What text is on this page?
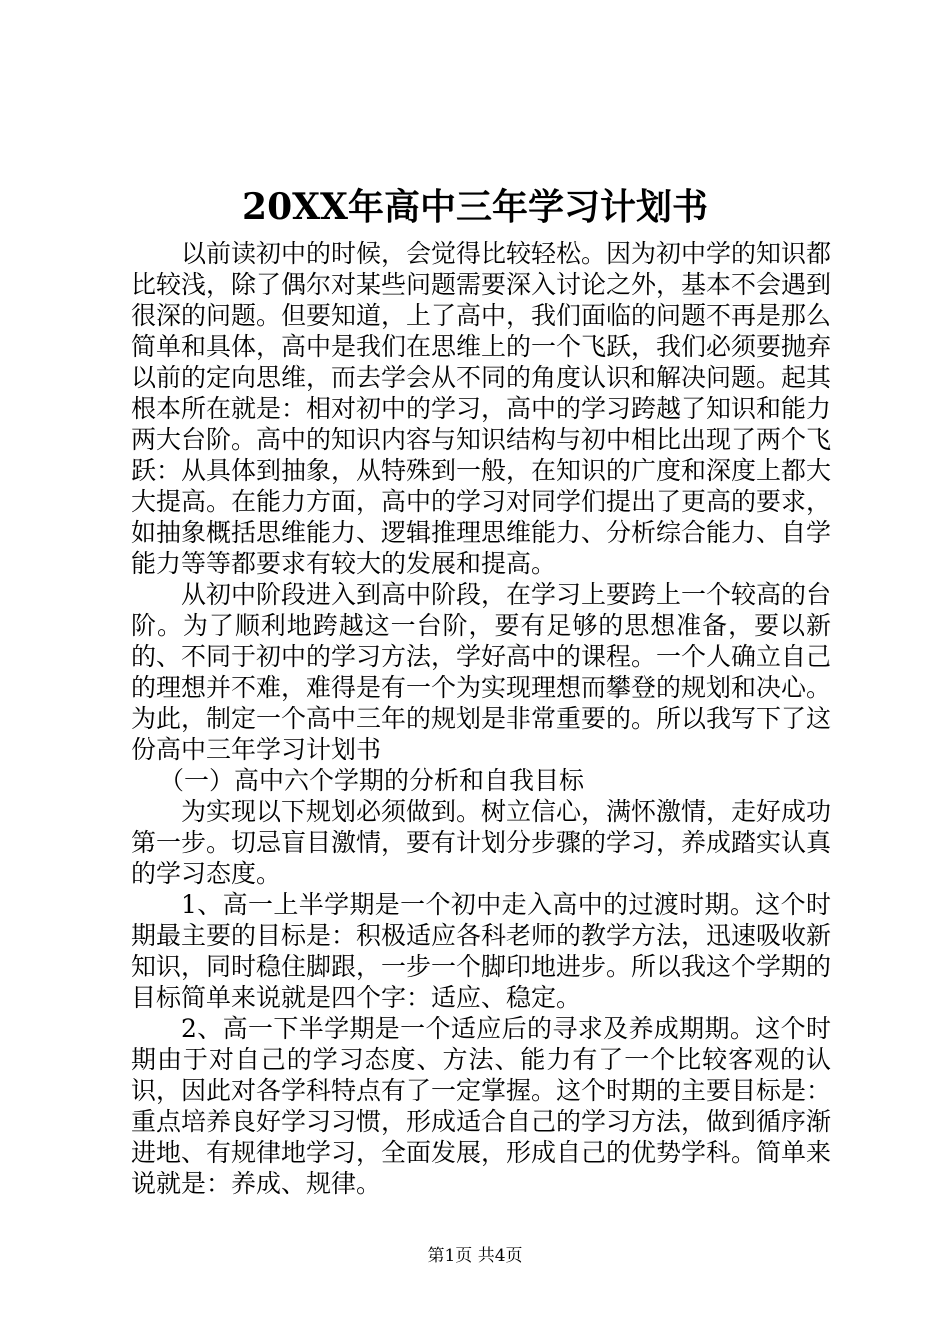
20XX年高中三年学习计划书

以前读初中的时候，会觉得比较轻松。因为初中学的知识都比较浅，除了偶尔对某些问题需要深入讨论之外，基本不会遇到很深的问题。但要知道，上了高中，我们面临的问题不再是那么简单和具体，高中是我们在思维上的一个飞跃，我们必须要抛弃以前的定向思维，而去学会从不同的角度认识和解决问题。起其根本所在就是：相对初中的学习，高中的学习跨越了知识和能力两大台阶。高中的知识内容与知识结构与初中相比出现了两个飞跃：从具体到抽象，从特殊到一般，在知识的广度和深度上都大大提高。在能力方面，高中的学习对同学们提出了更高的要求，如抽象概括思维能力、逻辑推理思维能力、分析综合能力、自学能力等等都要求有较大的发展和提高。

从初中阶段进入到高中阶段，在学习上要跨上一个较高的台阶。为了顺利地跨越这一台阶，要有足够的思想准备，要以新的、不同于初中的学习方法，学好高中的课程。一个人确立自己的理想并不难，难得是有一个为实现理想而攀登的规划和决心。为此，制定一个高中三年的规划是非常重要的。所以我写下了这份高中三年学习计划书

（一）高中六个学期的分析和自我目标

为实现以下规划必须做到。树立信心，满怀激情，走好成功第一步。切忌盲目激情，要有计划分步骤的学习，养成踏实认真的学习态度。

1、高一上半学期是一个初中走入高中的过渡时期。这个时期最主要的目标是：积极适应各科老师的教学方法，迅速吸收新知识，同时稳住脚跟，一步一个脚印地进步。所以我这个学期的目标简单来说就是四个字：适应、稳定。

2、高一下半学期是一个适应后的寻求及养成期期。这个时期由于对自己的学习态度、方法、能力有了一个比较客观的认识，因此对各学科特点有了一定掌握。这个时期的主要目标是：重点培养良好学习习惯，形成适合自己的学习方法，做到循序渐进地、有规律地学习，全面发展，形成自己的优势学科。简单来说就是：养成、规律。

第1页 共4页
